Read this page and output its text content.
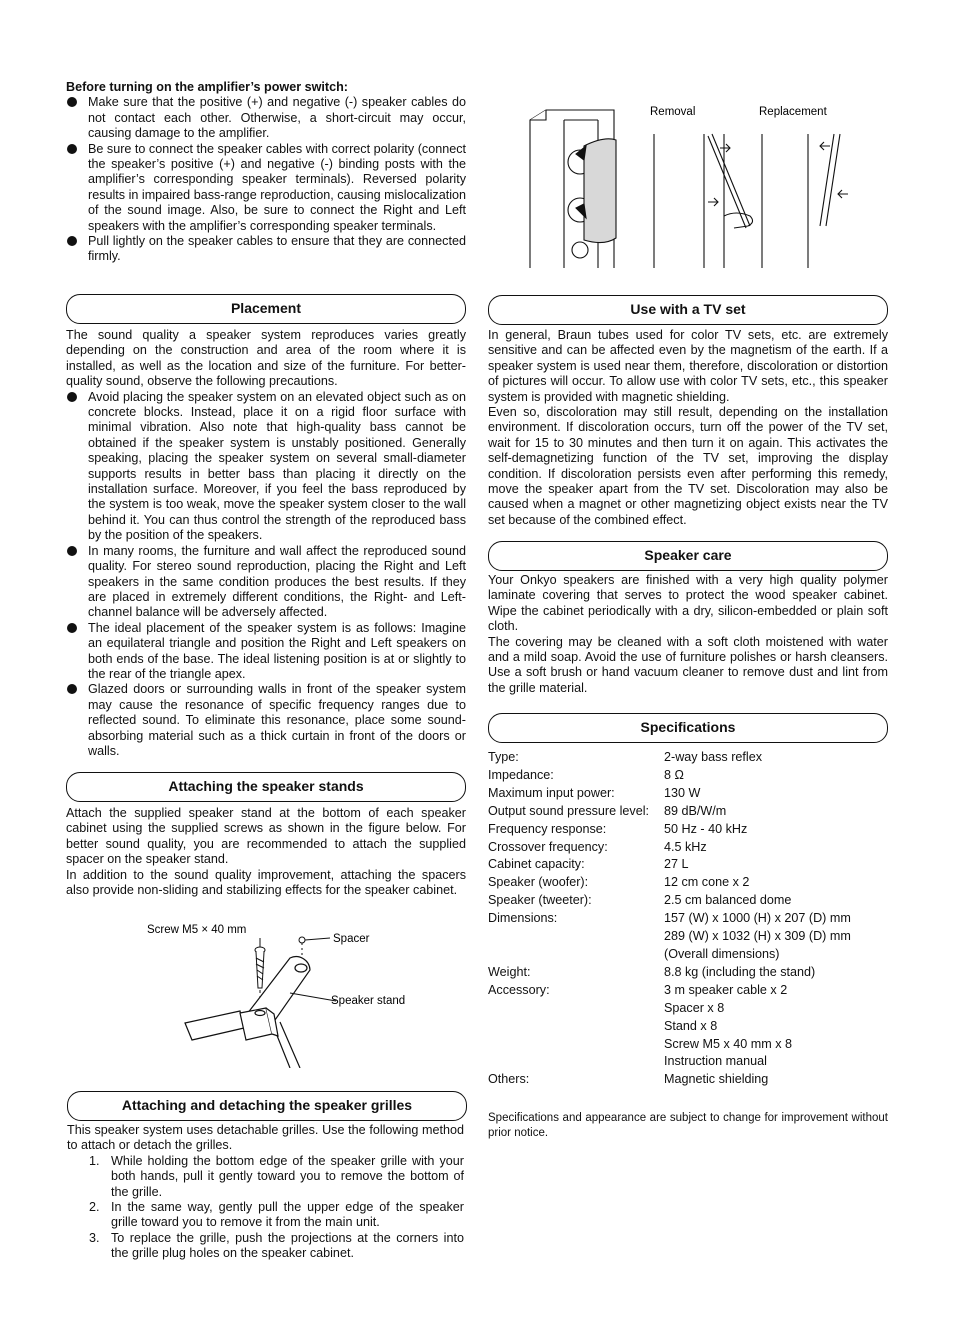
Before turning on the amplifier’s power switch:

Make sure that the positive (+) and negative (-) speaker cables do not contact each other. Otherwise, a short-circuit may occur, causing damage to the amplifier.
Be sure to connect the speaker cables with correct polarity (connect the speaker’s positive (+) and negative (-) binding posts with the amplifier’s corresponding speaker terminals). Reversed polarity results in impaired bass-range reproduction, causing mislocalization of the sound image. Also, be sure to connect the Right and Left speakers with the amplifier’s corresponding speaker terminals.
Pull lightly on the speaker cables to ensure that they are connected firmly.
Placement

The sound quality a speaker system reproduces varies greatly depending on the construction and area of the room where it is installed, as well as the location and size of the furniture. For better-quality sound, observe the following precautions.

Avoid placing the speaker system on an elevated object such as on concrete blocks. Instead, place it on a rigid floor surface with minimal vibration. Also note that high-quality bass cannot be obtained if the speaker system is unstably positioned. Generally speaking, placing the speaker system on several small-diameter supports results in better bass than placing it directly on the installation surface. Moreover, if you feel the bass reproduced by the system is too weak, move the speaker system closer to the wall behind it. You can thus control the strength of the reproduced bass by the position of the speakers.
In many rooms, the furniture and wall affect the reproduced sound quality. For stereo sound reproduction, placing the Right and Left speakers in the same condition produces the best results. If they are placed in extremely different conditions, the Right- and Left-channel balance will be adversely affected.
The ideal placement of the speaker system is as follows: Imagine an equilateral triangle and position the Right and Left speakers on both ends of the base. The ideal listening position is at or slightly to the rear of the triangle apex.
Glazed doors or surrounding walls in front of the speaker system may cause the resonance of specific frequency ranges due to reflected sound. To eliminate this resonance, place some sound-absorbing material such as a thick curtain in front of the doors or walls.
Attaching the speaker stands

Attach the supplied speaker stand at the bottom of each speaker cabinet using the supplied screws as shown in the figure below. For better sound quality, you are recommended to attach the supplied spacer on the speaker stand.

In addition to the sound quality improvement, attaching the spacers also provide non-sliding and stabilizing effects for the speaker cabinet.

Screw M5 × 40 mm
Spacer
Speaker stand
Attaching and detaching the speaker grilles

This speaker system uses detachable grilles. Use the following method to attach or detach the grilles.

1. While holding the bottom edge of the speaker grille with your both hands, pull it gently toward you to remove the bottom of the grille.
2. In the same way, gently pull the upper edge of the speaker grille toward you to remove it from the main unit.
3. To replace the grille, push the projections at the corners into the grille plug holes on the speaker cabinet.
Removal	Replacement
Use with a TV set

In general, Braun tubes used for color TV sets, etc. are extremely sensitive and can be affected even by the magnetism of the earth. If a speaker system is used near them, therefore, discoloration or distortion of pictures will occur. To allow use with color TV sets, etc., this speaker system is provided with magnetic shielding.

Even so, discoloration may still result, depending on the installation environment. If discoloration occurs, turn off the power of the TV set, wait for 15 to 30 minutes and then turn it on again. This activates the self-demagnetizing function of the TV set, improving the display condition. If discoloration persists even after performing this remedy, move the speaker apart from the TV set. Discoloration may also be caused when a magnet or other magnetizing object exists near the TV set because of the combined effect.

Speaker care

Your Onkyo speakers are finished with a very high quality polymer laminate covering that serves to protect the wood speaker cabinet. Wipe the cabinet periodically with a dry, silicon-embedded or plain soft cloth.

The covering may be cleaned with a soft cloth moistened with water and a mild soap. Avoid the use of furniture polishes or harsh cleansers. Use a soft brush or hand vacuum cleaner to remove dust and lint from the grille material.

Specifications
Type:	2-way bass reflex
Impedance:	8 Ω
Maximum input power:	130 W
Output sound pressure level:	89 dB/W/m
Frequency response:	50 Hz - 40 kHz
Crossover frequency:	4.5 kHz
Cabinet capacity:	27 L
Speaker (woofer):	12 cm cone x 2
Speaker (tweeter):	2.5 cm balanced dome
Dimensions:	157 (W) x 1000 (H) x 207 (D) mm
289 (W) x 1032 (H) x 309 (D) mm
(Overall dimensions)
Weight:	8.8 kg (including the stand)
Accessory:	3 m speaker cable x 2
Spacer x 8
Stand x 8
Screw M5 x 40 mm x 8
Instruction manual
Others:	Magnetic shielding

Specifications and appearance are subject to change for improvement without prior notice.
